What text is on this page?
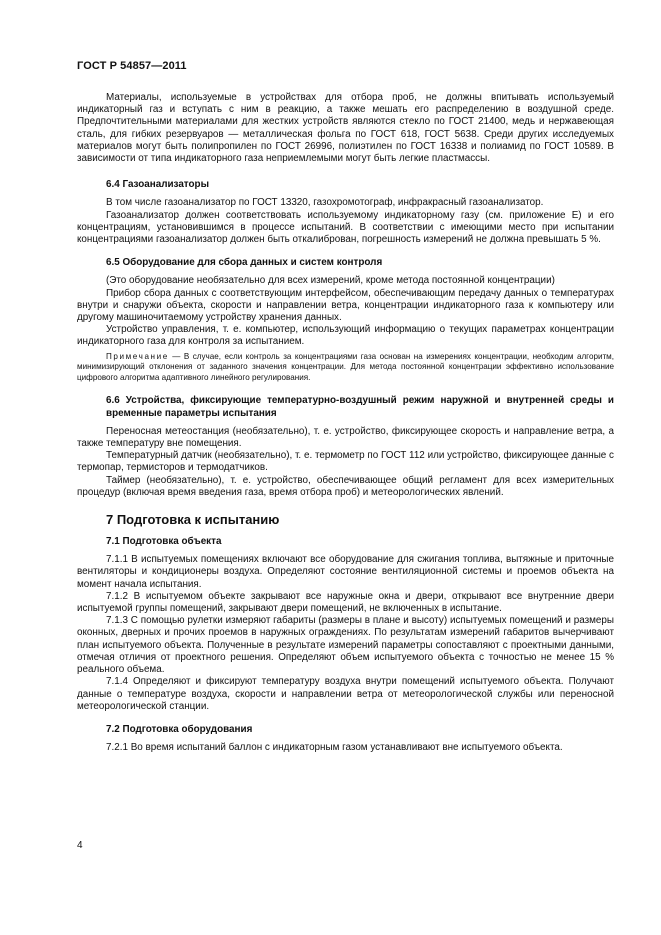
ГОСТ Р 54857—2011

Материалы, используемые в устройствах для отбора проб, не должны впитывать используемый индикаторный газ и вступать с ним в реакцию, а также мешать его распределению в воздушной среде. Предпочтительными материалами для жестких устройств являются стекло по ГОСТ 21400, медь и нержавеющая сталь, для гибких резервуаров — металлическая фольга по ГОСТ 618, ГОСТ 5638. Среди других исследуемых материалов могут быть полипропилен по ГОСТ 26996, полиэтилен по ГОСТ 16338 и полиамид по ГОСТ 10589. В зависимости от типа индикаторного газа неприемлемыми могут быть легкие пластмассы.

6.4 Газоанализаторы

В том числе газоанализатор по ГОСТ 13320, газохромотограф, инфракрасный газоанализатор.

Газоанализатор должен соответствовать используемому индикаторному газу (см. приложение Е) и его концентрациям, установившимся в процессе испытаний. В соответствии с имеющими место при испытании концентрациями газоанализатор должен быть откалиброван, погрешность измерений не должна превышать 5 %.

6.5 Оборудование для сбора данных и систем контроля

(Это оборудование необязательно для всех измерений, кроме метода постоянной концентрации)

Прибор сбора данных с соответствующим интерфейсом, обеспечивающим передачу данных о температурах внутри и снаружи объекта, скорости и направлении ветра, концентрации индикаторного газа к компьютеру или другому машиночитаемому устройству хранения данных.

Устройство управления, т. е. компьютер, использующий информацию о текущих параметрах концентрации индикаторного газа для контроля за испытанием.

Примечание — В случае, если контроль за концентрациями газа основан на измерениях концентрации, необходим алгоритм, минимизирующий отклонения от заданного значения концентрации. Для метода постоянной концентрации эффективно использование цифрового алгоритма адаптивного линейного регулирования.

6.6 Устройства, фиксирующие температурно-воздушный режим наружной и внутренней среды и временные параметры испытания

Переносная метеостанция (необязательно), т. е. устройство, фиксирующее скорость и направление ветра, а также температуру вне помещения.

Температурный датчик (необязательно), т. е. термометр по ГОСТ 112 или устройство, фиксирующее данные с термопар, термисторов и термодатчиков.

Таймер (необязательно), т. е. устройство, обеспечивающее общий регламент для всех измерительных процедур (включая время введения газа, время отбора проб) и метеорологических явлений.

7 Подготовка к испытанию
7.1 Подготовка объекта

7.1.1 В испытуемых помещениях включают все оборудование для сжигания топлива, вытяжные и приточные вентиляторы и кондиционеры воздуха. Определяют состояние вентиляционной системы и проемов объекта на момент начала испытания.

7.1.2 В испытуемом объекте закрывают все наружные окна и двери, открывают все внутренние двери испытуемой группы помещений, закрывают двери помещений, не включенных в испытание.

7.1.3 С помощью рулетки измеряют габариты (размеры в плане и высоту) испытуемых помещений и размеры оконных, дверных и прочих проемов в наружных ограждениях. По результатам измерений габаритов вычерчивают план испытуемого объекта. Полученные в результате измерений параметры сопоставляют с проектными данными, отмечая отличия от проектного решения. Определяют объем испытуемого объекта с точностью не менее 15 % реального объема.

7.1.4 Определяют и фиксируют температуру воздуха внутри помещений испытуемого объекта. Получают данные о температуре воздуха, скорости и направлении ветра от метеорологической службы или переносной метеорологической станции.

7.2 Подготовка оборудования

7.2.1 Во время испытаний баллон с индикаторным газом устанавливают вне испытуемого объекта.

4
